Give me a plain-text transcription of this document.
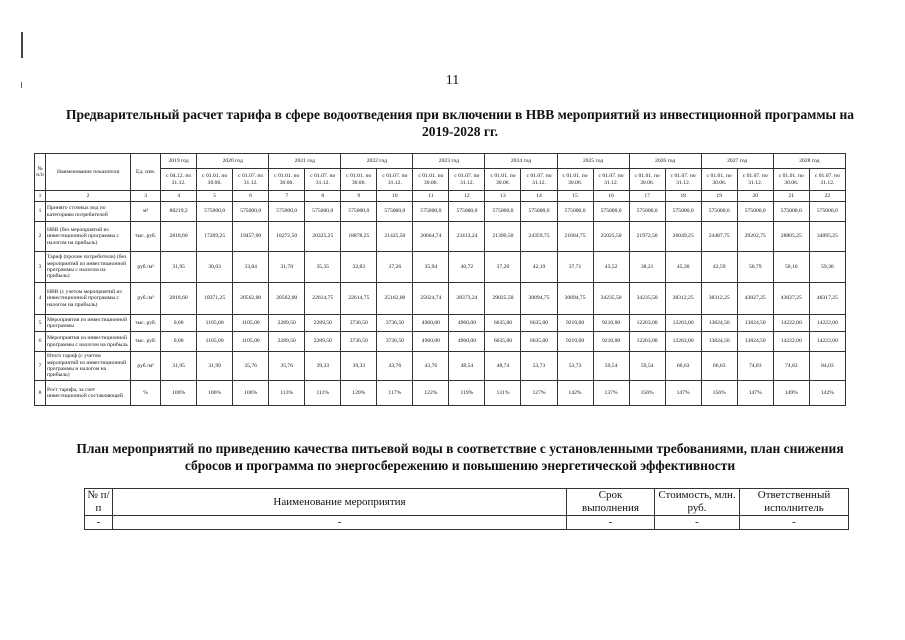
11
Предварительный расчет тарифа в сфере водоотведения при включении в НВВ мероприятий из инвестиционной программы на 2019-2028 гг.
№ п/п	Наименование показателя	Ед. изм.	2019 год	2020 год		2021 год		2022 год		2023 год		2024 год		2025 год		2026 год		2027 год		2028 год	
			с 04.12. по 31.12.	с 01.01. по 30.06.	с 01.07. по 31.12.	с 01.01. по 30.06.	с 01.07. по 31.12.	с 01.01. по 30.06.	с 01.07. по 31.12.	с 01.01. по 30.06.	с 01.07. по 31.12.	с 01.01. по 30.06.	с 01.07. по 31.12.	с 01.01. по 30.06.	с 01.07. по 31.12.	с 01.01. по 30.06.	с 01.07. по 31.12.	с 01.01. по 30.06.	с 01.07. по 31.12.	с 01.01. по 30.06.	с 01.07. по 31.12.
1	2	3	4	5	6	7	8	9	10	11	12	13	14	15	16	17	18	19	20	21	22
1	Принято сточных вод по категориям потребителей	м³	88219,2	575000,0	575000,0	575000,0	575000,0	575000,0	575000,0	575000,0	575000,0	575000,0	575000,0	575000,0	575000,0	575000,0	575000,0	575000,0	575000,0	575000,0	575000,0
2	НВВ (без мероприятий из инвестиционной программы с налогом на прибыль)	тыс. руб.	2818,60	17269,25	19457,00	18272,50	20325,25	18878,25	21425,50	20664,74	23413,24	21390,50	24359,75	21684,75	25025,50	21972,50	26049,25	24487,75	29202,75	28805,25	34095,25
3	Тариф (прочие потребители) (без мероприятий из инвестиционной программы с налогом на прибыль)	руб./м³	31,95	30,03	33,84	31,78	35,35	32,83	37,26	35,94	40,72	37,20	42,19	37,71	43,52	38,21	45,30	42,59	50,79	50,10	59,30
4	НВВ (с учетом мероприятий из инвестиционной программы с налогом на прибыль)	руб./м³	2818,60	18371,25	20562,00	20562,00	22614,75	22614,75	25162,00	25624,74	28373,24	29025,50	30894,75	30894,75	34235,50	34235,50	38312,25	38312,25	43027,25	43027,25	48317,25
5	Мероприятия из инвестиционной программы	тыс. руб.	0,00	1105,00	1105,00	2289,50	2289,50	3736,50	3736,50	4960,00	4960,00	6635,00	6635,00	9210,00	9210,00	12263,00	12263,00	13824,50	13824,50	14222,00	14222,00
6	Мероприятия из инвестиционной программы с налогом на прибыль	тыс. руб.	0,00	1105,00	1105,00	2289,50	2289,50	3736,50	3736,50	4960,00	4960,00	6635,00	6635,00	9210,00	9210,00	12263,00	12263,00	13824,50	13824,50	14222,00	14222,00
7	Итого тариф (с учетом мероприятий из инвестиционной программы и налогом на прибыль)	руб./м³	31,95	31,99	35,76	35,76	39,33	39,33	43,76	43,76	48,54	48,74	53,73	53,73	59,54	59,54	66,63	66,63	74,83	74,83	84,03
8	Рост тарифа, за счет инвестиционной составляющей	%	100%	106%	106%	113%	111%	120%	117%	122%	119%	131%	127%	142%	137%	156%	147%	156%	147%	149%	142%
План мероприятий по приведению качества питьевой воды в соответствие с установленными требованиями, план снижения сбросов и программа по энергосбережению и повышению энергетической эффективности
№ п/п	Наименование мероприятия	Срок выполнения	Стоимость, млн. руб.	Ответственный исполнитель
-	-	-	-	-
